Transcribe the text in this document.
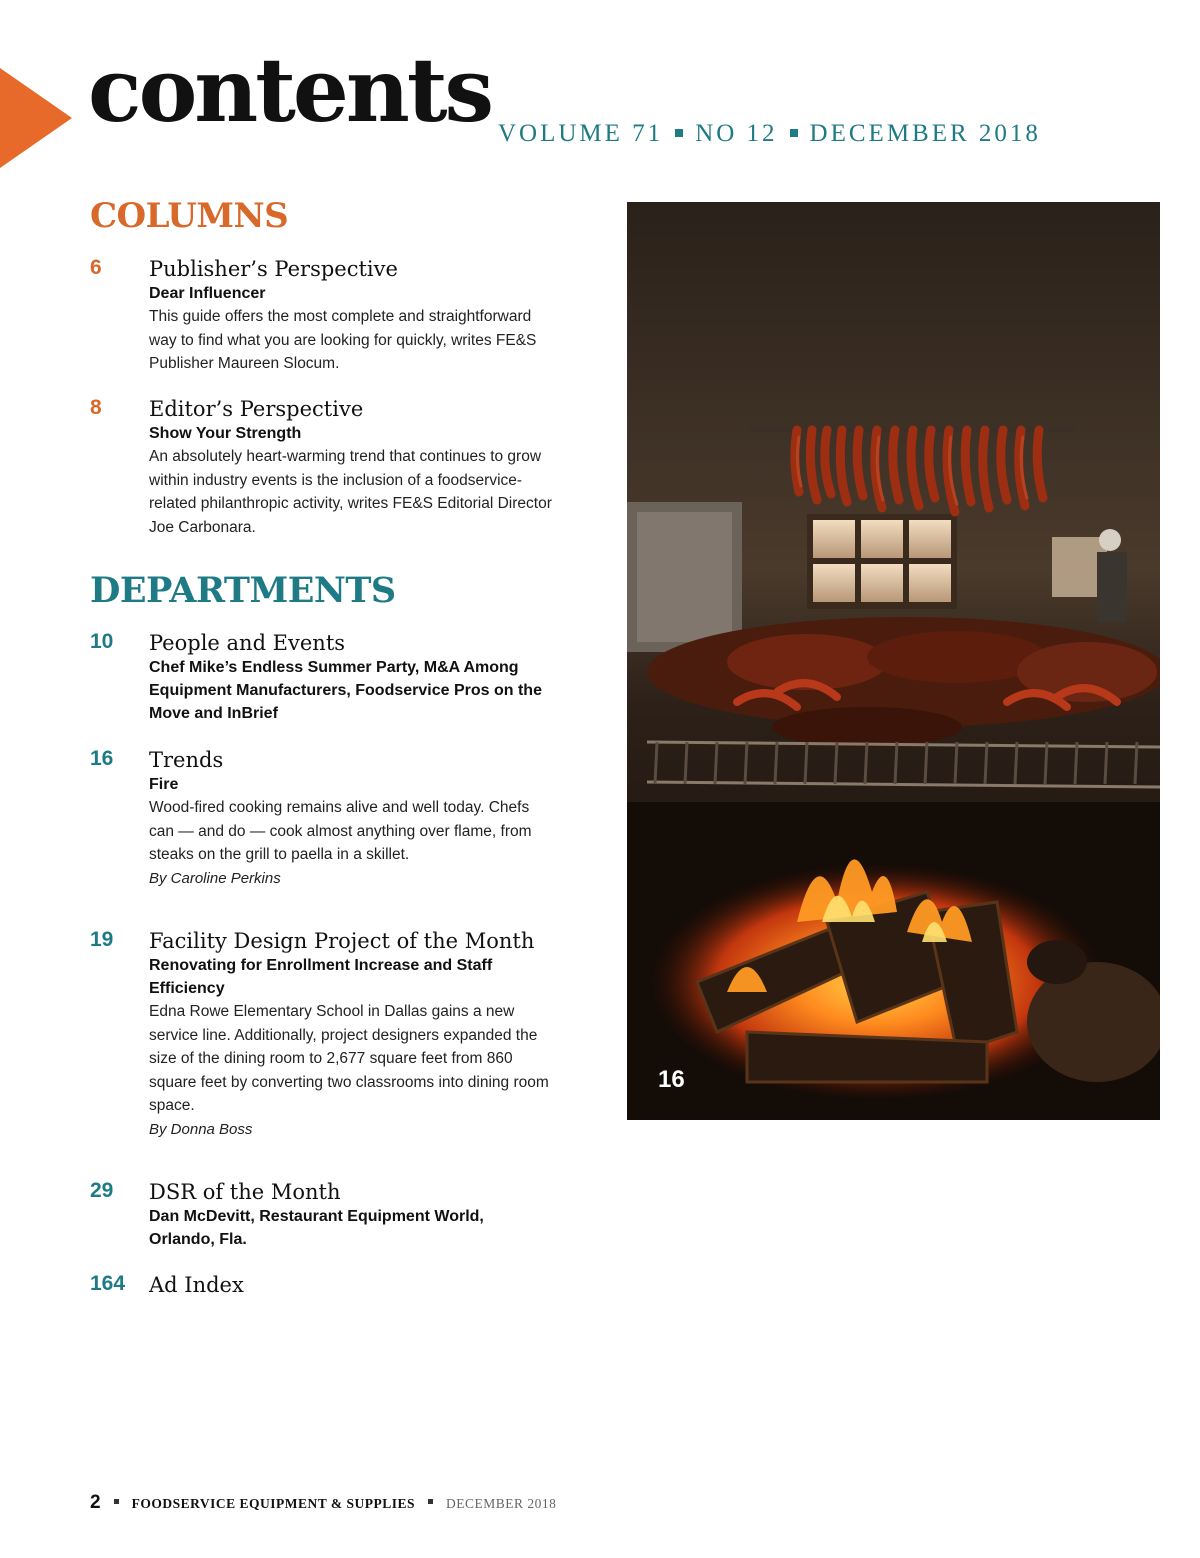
contents VOLUME 71 NO 12 DECEMBER 2018
COLUMNS
6 Publisher’s Perspective
Dear Influencer
This guide offers the most complete and straightforward way to find what you are looking for quickly, writes FE&S Publisher Maureen Slocum.
8 Editor’s Perspective
Show Your Strength
An absolutely heart-warming trend that continues to grow within industry events is the inclusion of a foodservice-related philanthropic activity, writes FE&S Editorial Director Joe Carbonara.
DEPARTMENTS
10 People and Events
Chef Mike’s Endless Summer Party, M&A Among Equipment Manufacturers, Foodservice Pros on the Move and InBrief
16 Trends
Fire
Wood-fired cooking remains alive and well today. Chefs can — and do — cook almost anything over flame, from steaks on the grill to paella in a skillet.
By Caroline Perkins
19 Facility Design Project of the Month
Renovating for Enrollment Increase and Staff Efficiency
Edna Rowe Elementary School in Dallas gains a new service line. Additionally, project designers expanded the size of the dining room to 2,677 square feet from 860 square feet by converting two classrooms into dining room space.
By Donna Boss
29 DSR of the Month
Dan McDevitt, Restaurant Equipment World, Orlando, Fla.
164 Ad Index
16
2 FOODSERVICE EQUIPMENT & SUPPLIES DECEMBER 2018
